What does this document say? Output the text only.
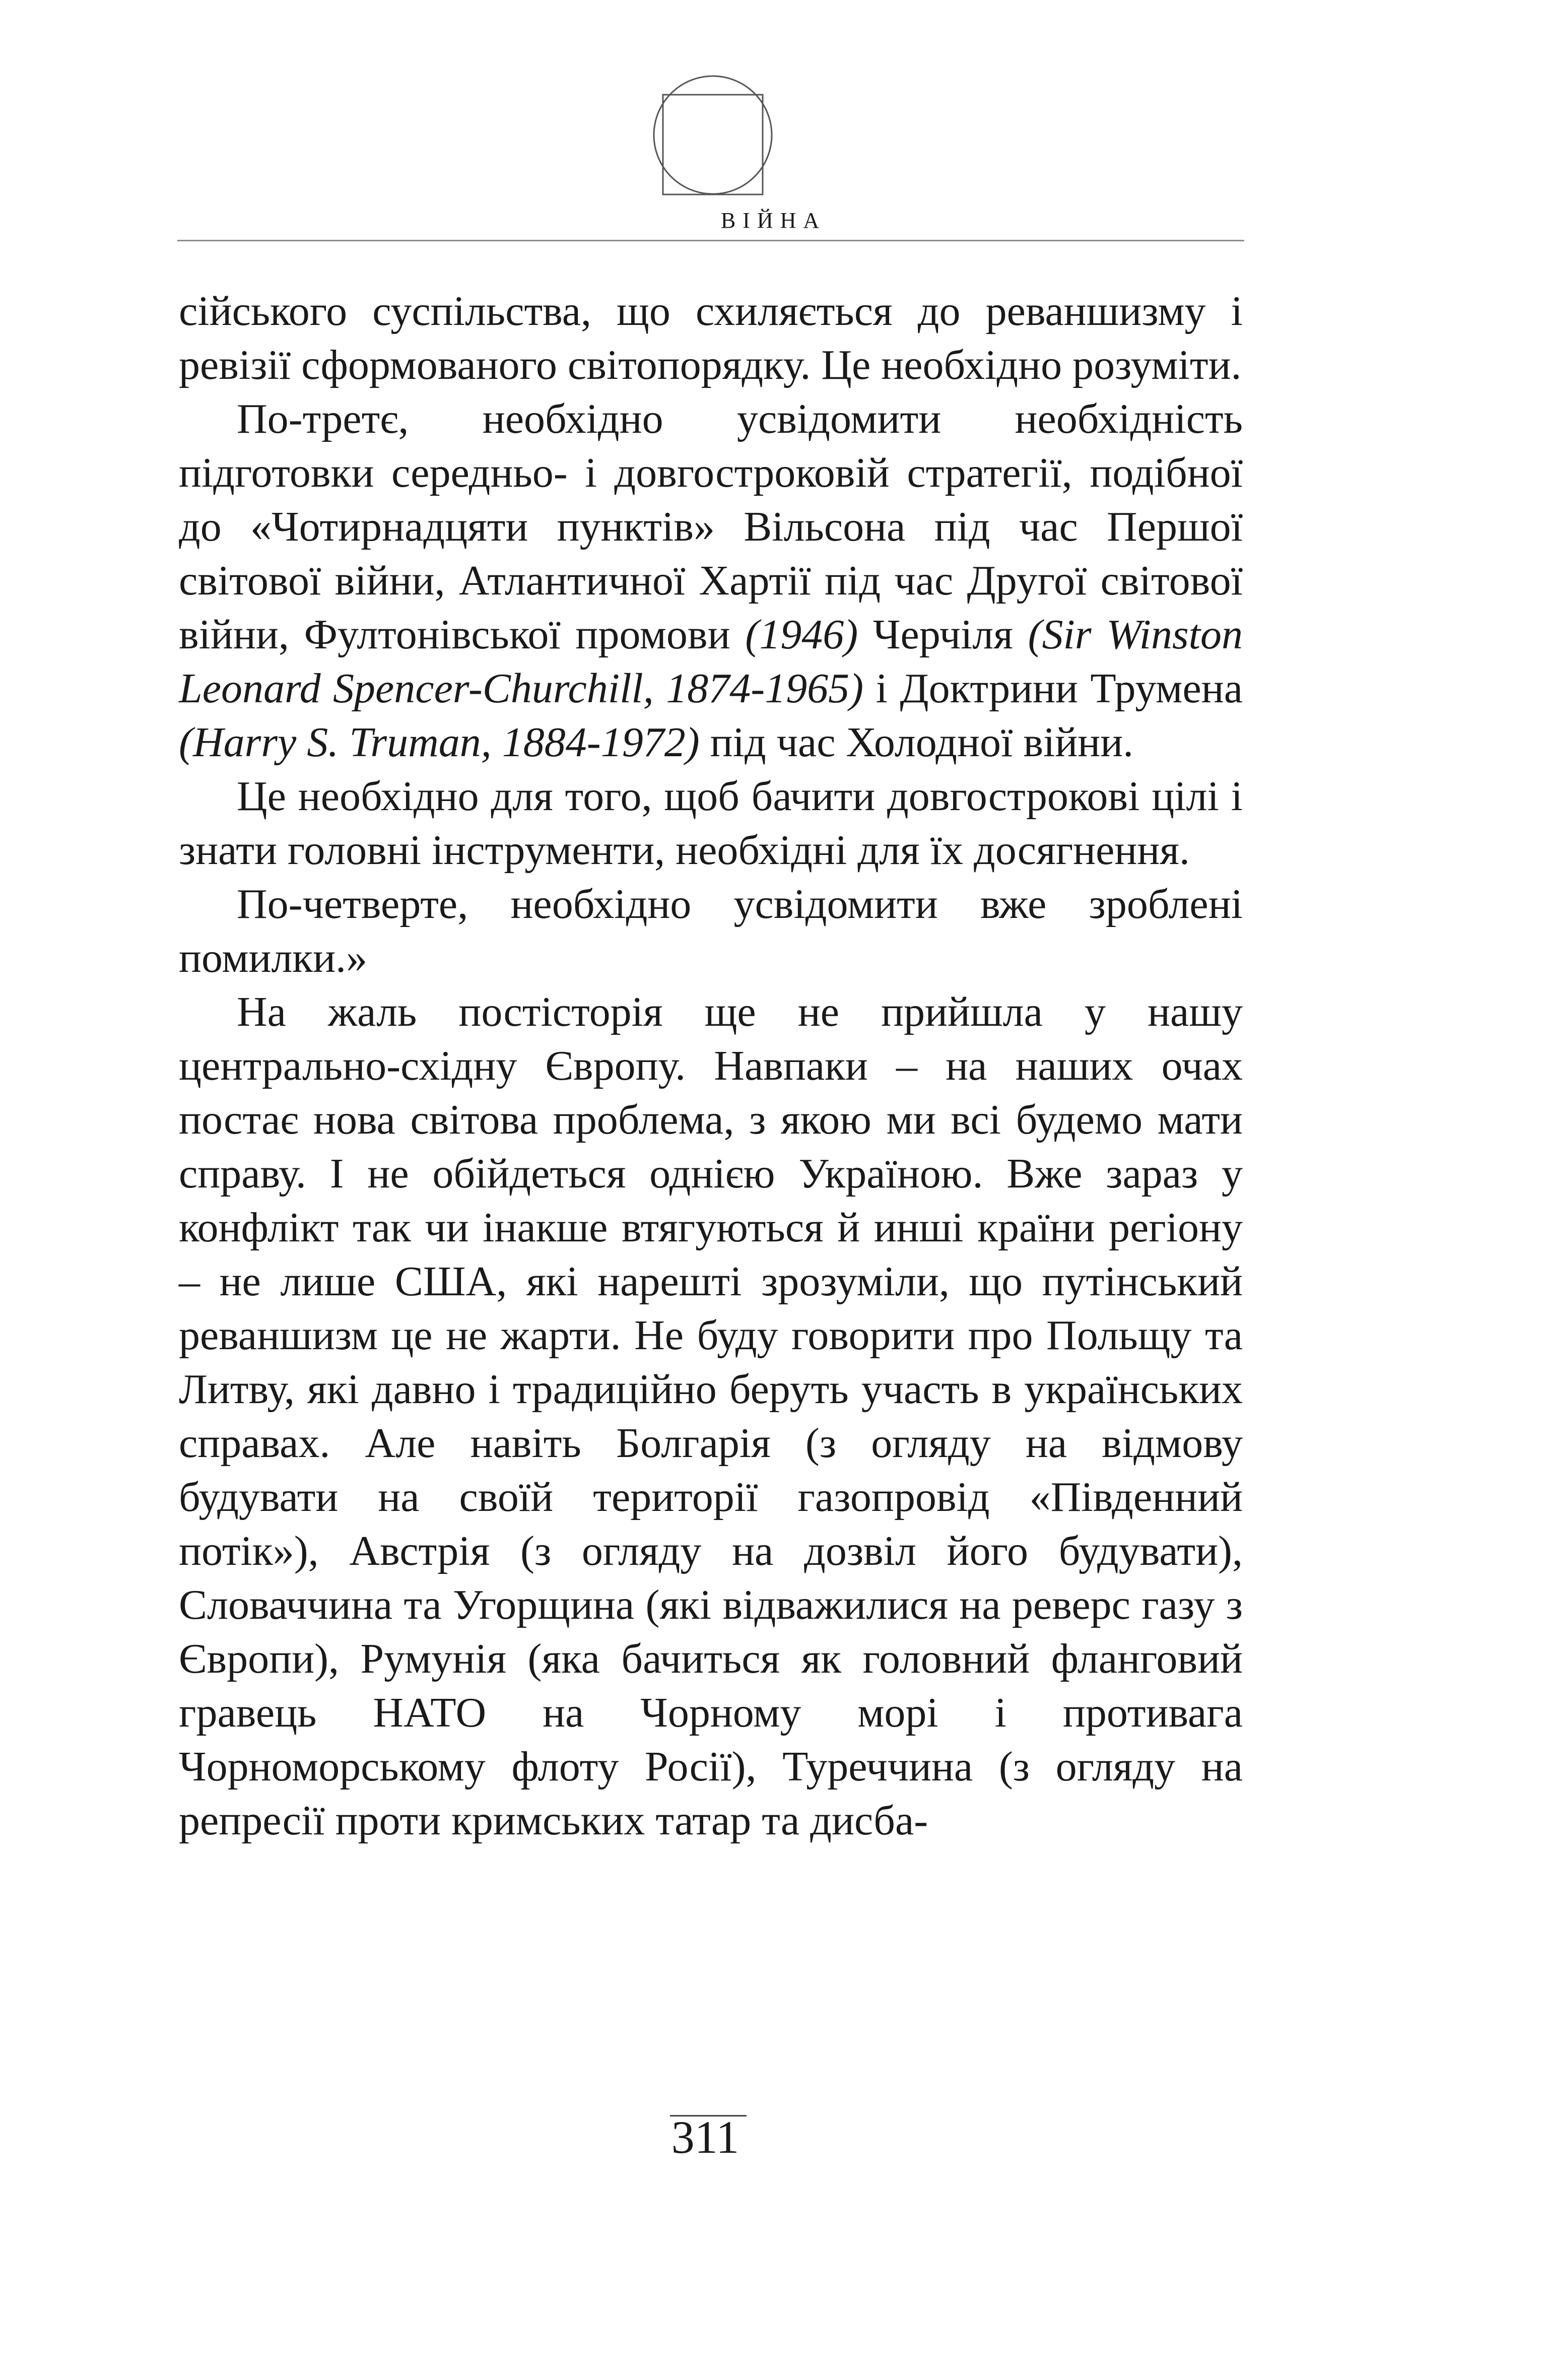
ВІЙНА

сійського суспільства, що схиляється до реваншизму і ревізії сформованого світопорядку. Це необхідно розуміти.

По-третє, необхідно усвідомити необхідність підготовки середньо- і довгостроковій стратегії, подібної до «Чотирнадцяти пунктів» Вільсона під час Першої світової війни, Атлантичної Хартії під час Другої світової війни, Фултонівської промови (1946) Черчіля (Sir Winston Leonard Spencer-Churchill, 1874-1965) і Доктрини Трумена (Harry S. Truman, 1884-1972) під час Холодної війни.

Це необхідно для того, щоб бачити довгострокові цілі і знати головні інструменти, необхідні для їх досягнення.

По-четверте, необхідно усвідомити вже зроблені помилки.»

На жаль постісторія ще не прийшла у нашу центрально-східну Європу. Навпаки – на наших очах постає нова світова проблема, з якою ми всі будемо мати справу. І не обійдеться однією Україною. Вже зараз у конфлікт так чи інакше втягуються й инші країни регіону – не лише США, які нарешті зрозуміли, що путінський реваншизм це не жарти. Не буду говорити про Польщу та Литву, які давно і традиційно беруть участь в українських справах. Але навіть Болгарія (з огляду на відмову будувати на своїй території газопровід «Південний потік»), Австрія (з огляду на дозвіл його будувати), Словаччина та Угорщина (які відважилися на реверс газу з Європи), Румунія (яка бачиться як головний фланговий гравець НАТО на Чорному морі і противага Чорноморському флоту Росії), Туреччина (з огляду на репресії проти кримських татар та дисба-

311
